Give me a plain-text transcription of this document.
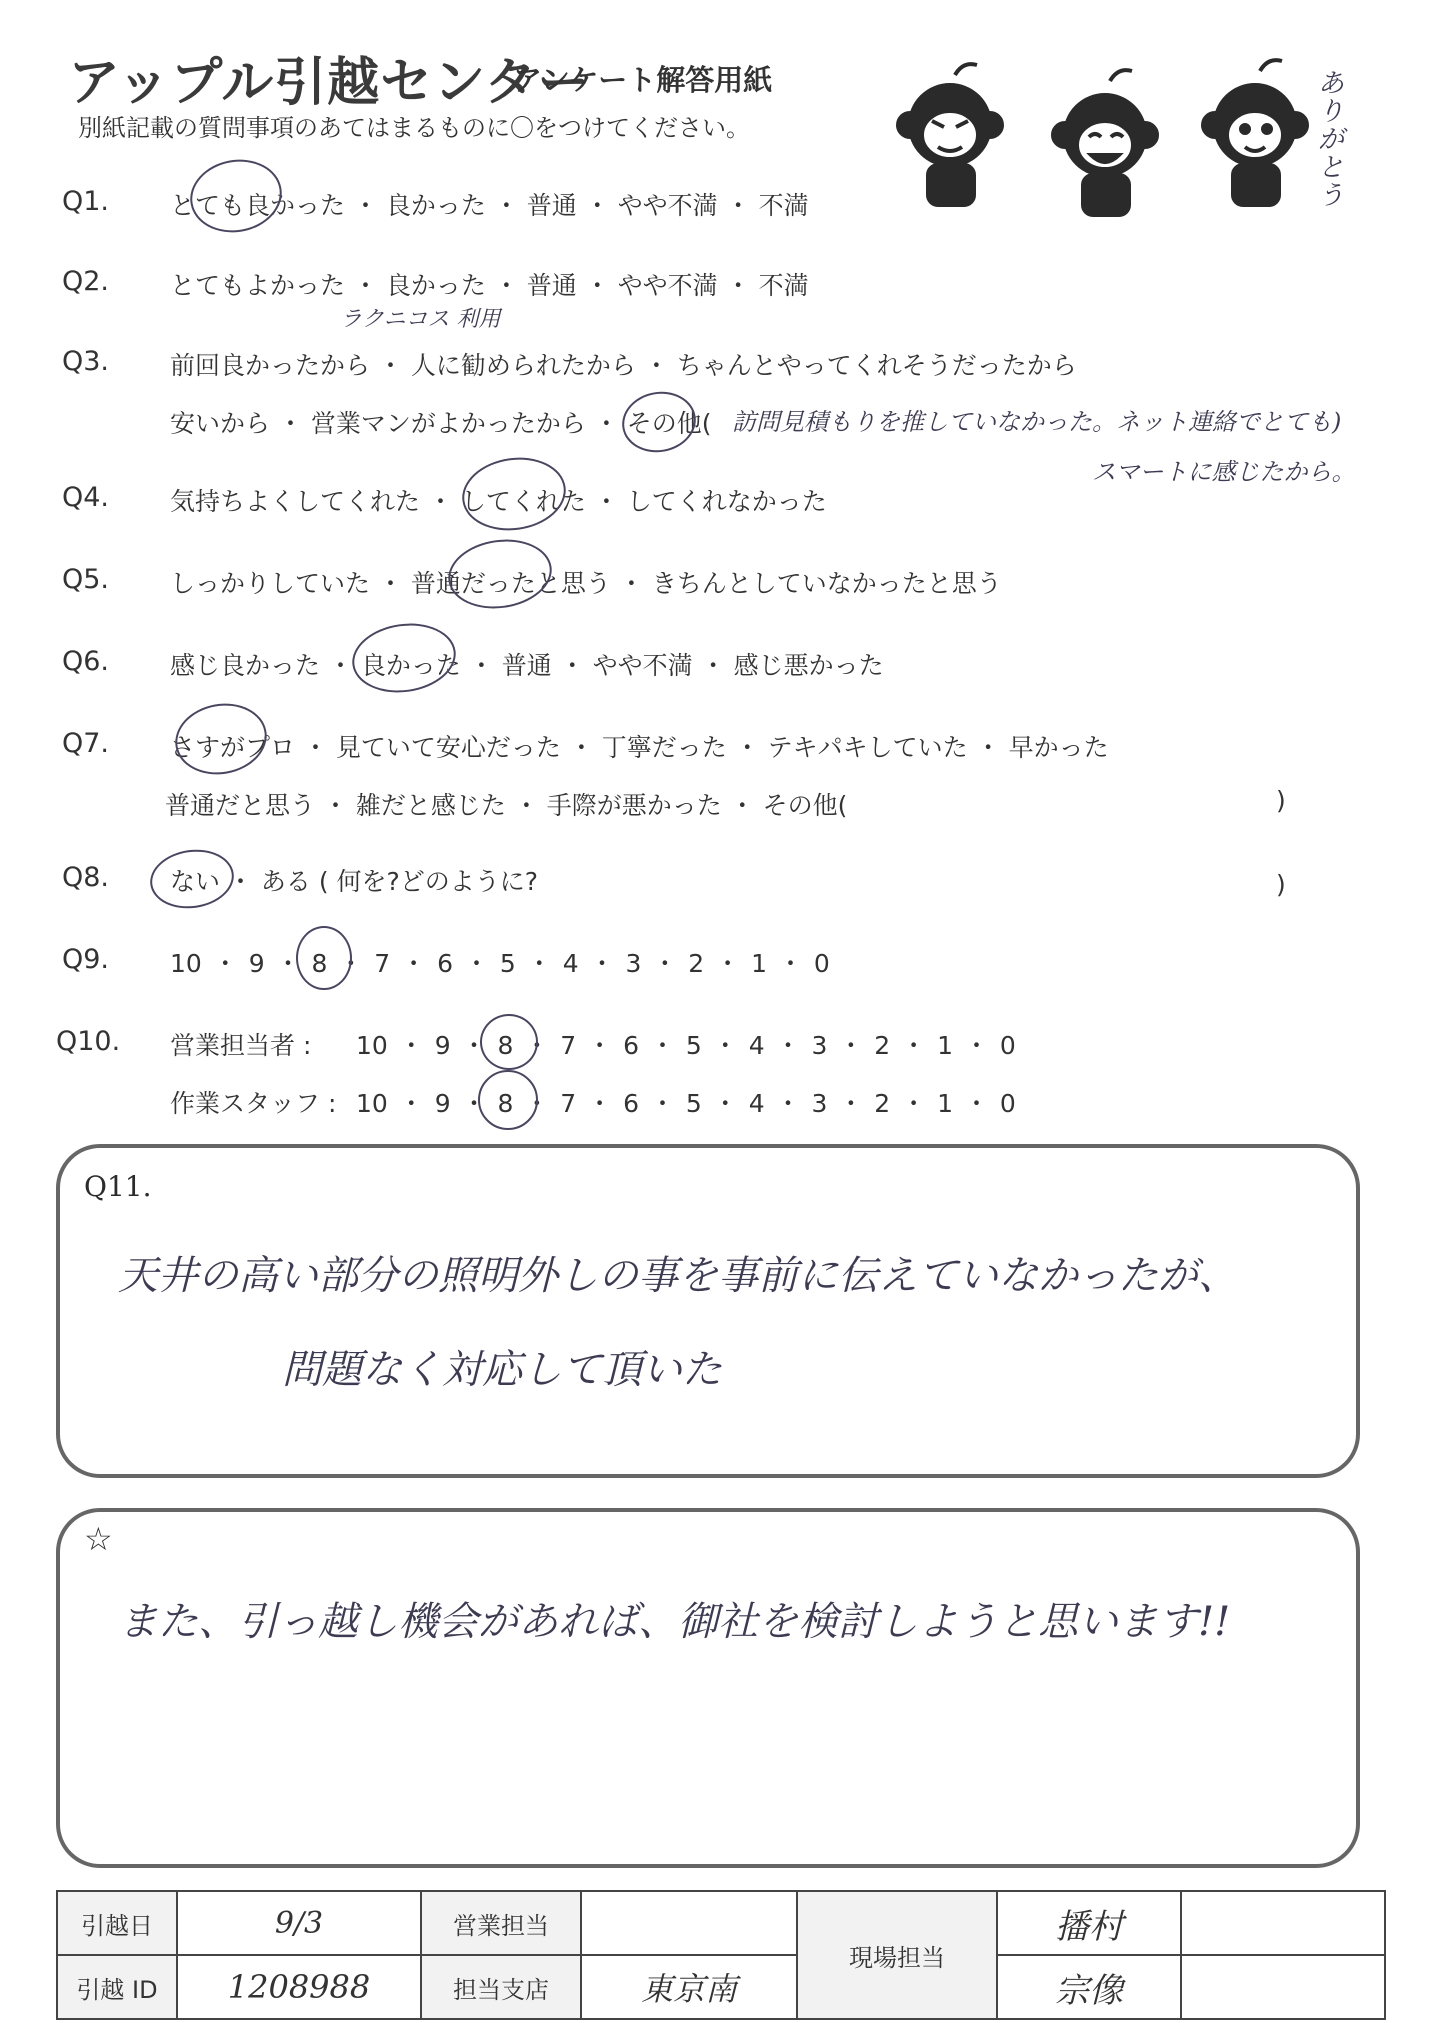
アップル引越センター
アンケート解答用紙
別紙記載の質問事項のあてはまるものに〇をつけてください。
ありがとう
Q1. とても良かった ・ 良かった ・ 普通 ・ やや不満 ・ 不満
Q2. とてもよかった ・ 良かった ・ 普通 ・ やや不満 ・ 不満
ラクニコス 利用
Q3. 前回良かったから ・ 人に勧められたから ・ ちゃんとやってくれそうだったから
安いから ・ 営業マンがよかったから ・ その他( 訪問見積もりを推していなかった。ネット連絡でとても)
スマートに感じたから。
Q4. 気持ちよくしてくれた ・ してくれた ・ してくれなかった
Q5. しっかりしていた ・ 普通だったと思う ・ きちんとしていなかったと思う
Q6. 感じ良かった ・ 良かった ・ 普通 ・ やや不満 ・ 感じ悪かった
Q7. さすがプロ ・ 見ていて安心だった ・ 丁寧だった ・ テキパキしていた ・ 早かった
普通だと思う ・ 雑だと感じた ・ 手際が悪かった ・ その他(	)
Q8. ない ・ ある ( 何を?どのように?	)
Q9. 10 ・ 9 ・ 8 ・ 7 ・ 6 ・ 5 ・ 4 ・ 3 ・ 2 ・ 1 ・ 0
Q10. 営業担当者 : 10 ・ 9 ・ 8 ・ 7 ・ 6 ・ 5 ・ 4 ・ 3 ・ 2 ・ 1 ・ 0
作業スタッフ : 10 ・ 9 ・ 8 ・ 7 ・ 6 ・ 5 ・ 4 ・ 3 ・ 2 ・ 1 ・ 0
Q11.
天井の高い部分の照明外しの事を事前に伝えていなかったが、
問題なく対応して頂いた
☆
また、引っ越し機会があれば、御社を検討しようと思います!!
引越日	9/3	営業担当		現場担当	播村	
引越 ID	1208988	担当支店	東京南		宗像	
